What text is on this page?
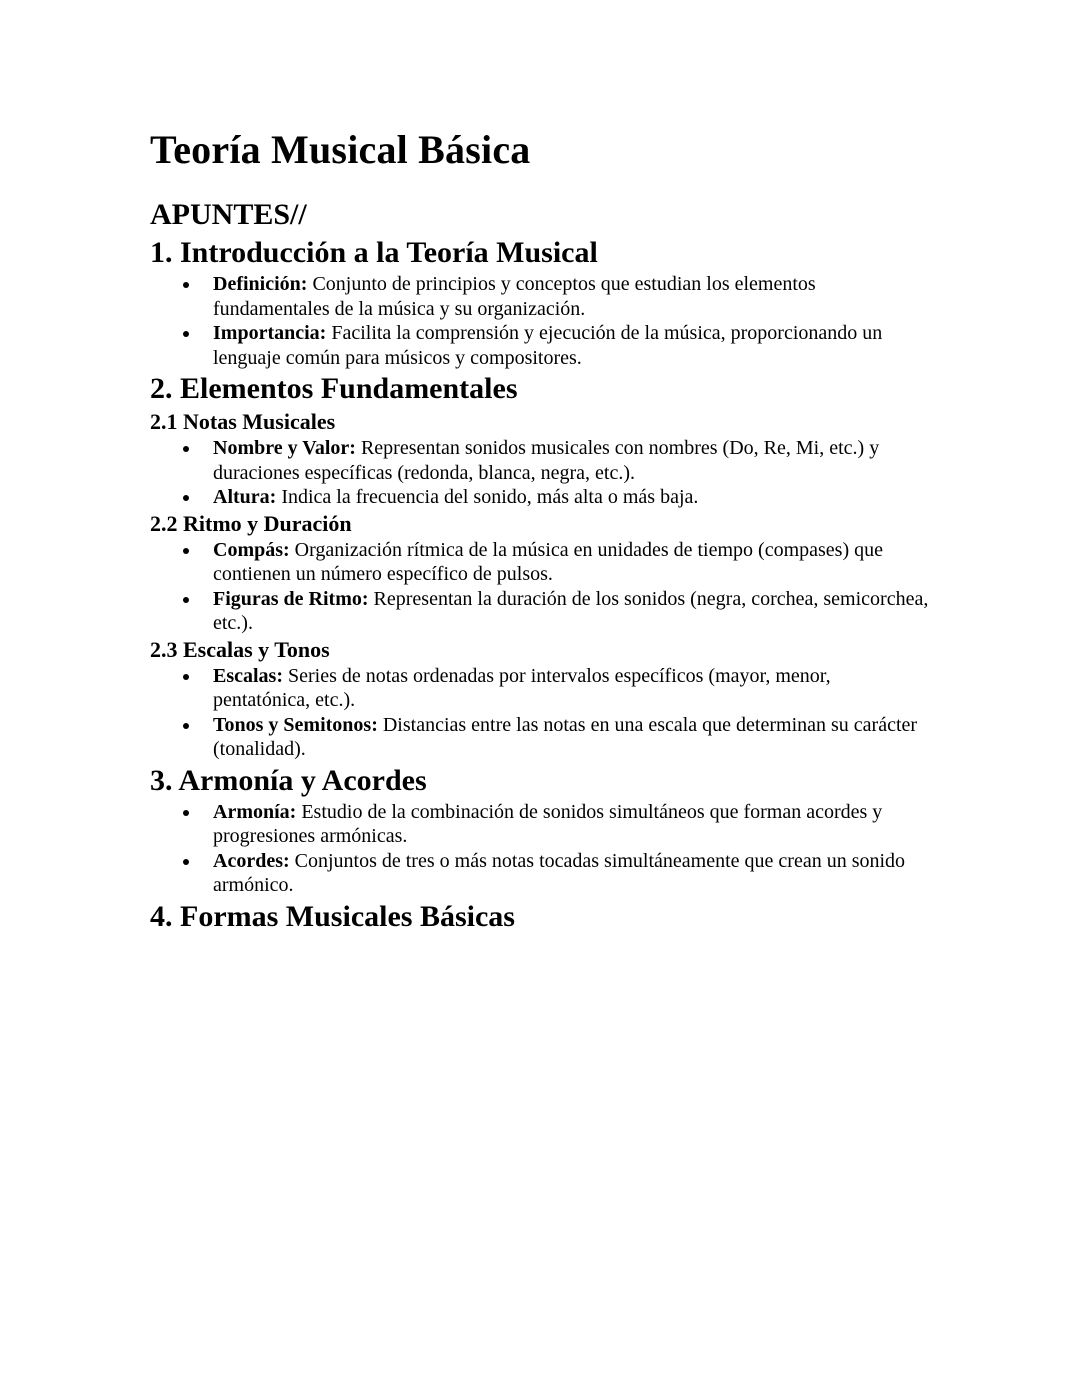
Teoría Musical Básica
APUNTES//
1. Introducción a la Teoría Musical
Definición: Conjunto de principios y conceptos que estudian los elementos fundamentales de la música y su organización.
Importancia: Facilita la comprensión y ejecución de la música, proporcionando un lenguaje común para músicos y compositores.
2. Elementos Fundamentales
2.1 Notas Musicales
Nombre y Valor: Representan sonidos musicales con nombres (Do, Re, Mi, etc.) y duraciones específicas (redonda, blanca, negra, etc.).
Altura: Indica la frecuencia del sonido, más alta o más baja.
2.2 Ritmo y Duración
Compás: Organización rítmica de la música en unidades de tiempo (compases) que contienen un número específico de pulsos.
Figuras de Ritmo: Representan la duración de los sonidos (negra, corchea, semicorchea, etc.).
2.3 Escalas y Tonos
Escalas: Series de notas ordenadas por intervalos específicos (mayor, menor, pentatónica, etc.).
Tonos y Semitonos: Distancias entre las notas en una escala que determinan su carácter (tonalidad).
3. Armonía y Acordes
Armonía: Estudio de la combinación de sonidos simultáneos que forman acordes y progresiones armónicas.
Acordes: Conjuntos de tres o más notas tocadas simultáneamente que crean un sonido armónico.
4. Formas Musicales Básicas
